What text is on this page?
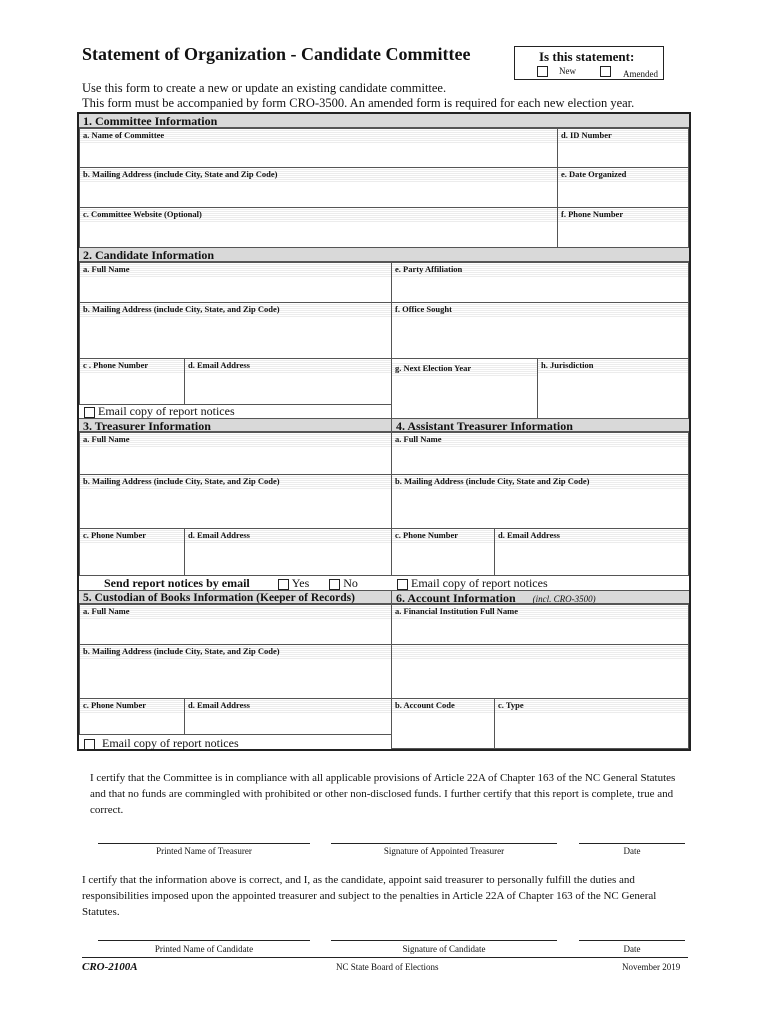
Statement of Organization - Candidate Committee
Use this form to create a new or update an existing candidate committee.
This form must be accompanied by form CRO-3500. An amended form is required for each new election year.
Is this statement:
New	Amended
1. Committee Information
a. Name of Committee	d. ID Number
b. Mailing Address (include City, State and Zip Code)	e. Date Organized
c. Committee Website (Optional)	f. Phone Number
2. Candidate Information
a. Full Name	e. Party Affiliation
b. Mailing Address (include City, State, and Zip Code)	f. Office Sought
c . Phone Number	d. Email Address	g. Next Election Year	h. Jurisdiction
Email copy of report notices
3. Treasurer Information	4. Assistant Treasurer Information
a. Full Name	a. Full Name
b. Mailing Address (include City, State, and Zip Code)	b. Mailing Address (include City, State and Zip Code)
c. Phone Number	d. Email Address	c. Phone Number	d. Email Address
Send report notices by email	Yes	No	Email copy of report notices
5. Custodian of Books Information (Keeper of Records)	6. Account Information (incl. CRO-3500)
a. Full Name	a. Financial Institution Full Name
b. Mailing Address (include City, State, and Zip Code)
c. Phone Number	d. Email Address	b. Account Code	c. Type
Email copy of report notices
I certify that the Committee is in compliance with all applicable provisions of Article 22A of Chapter 163 of the NC General Statutes and that no funds are commingled with prohibited or other non-disclosed funds. I further certify that this report is complete, true and correct.
Printed Name of Treasurer	Signature of Appointed Treasurer	Date
I certify that the information above is correct, and I, as the candidate, appoint said treasurer to personally fulfill the duties and responsibilities imposed upon the appointed treasurer and subject to the penalties in Article 22A of Chapter 163 of the NC General Statutes.
Printed Name of Candidate	Signature of Candidate	Date
CRO-2100A	NC State Board of Elections	November 2019
